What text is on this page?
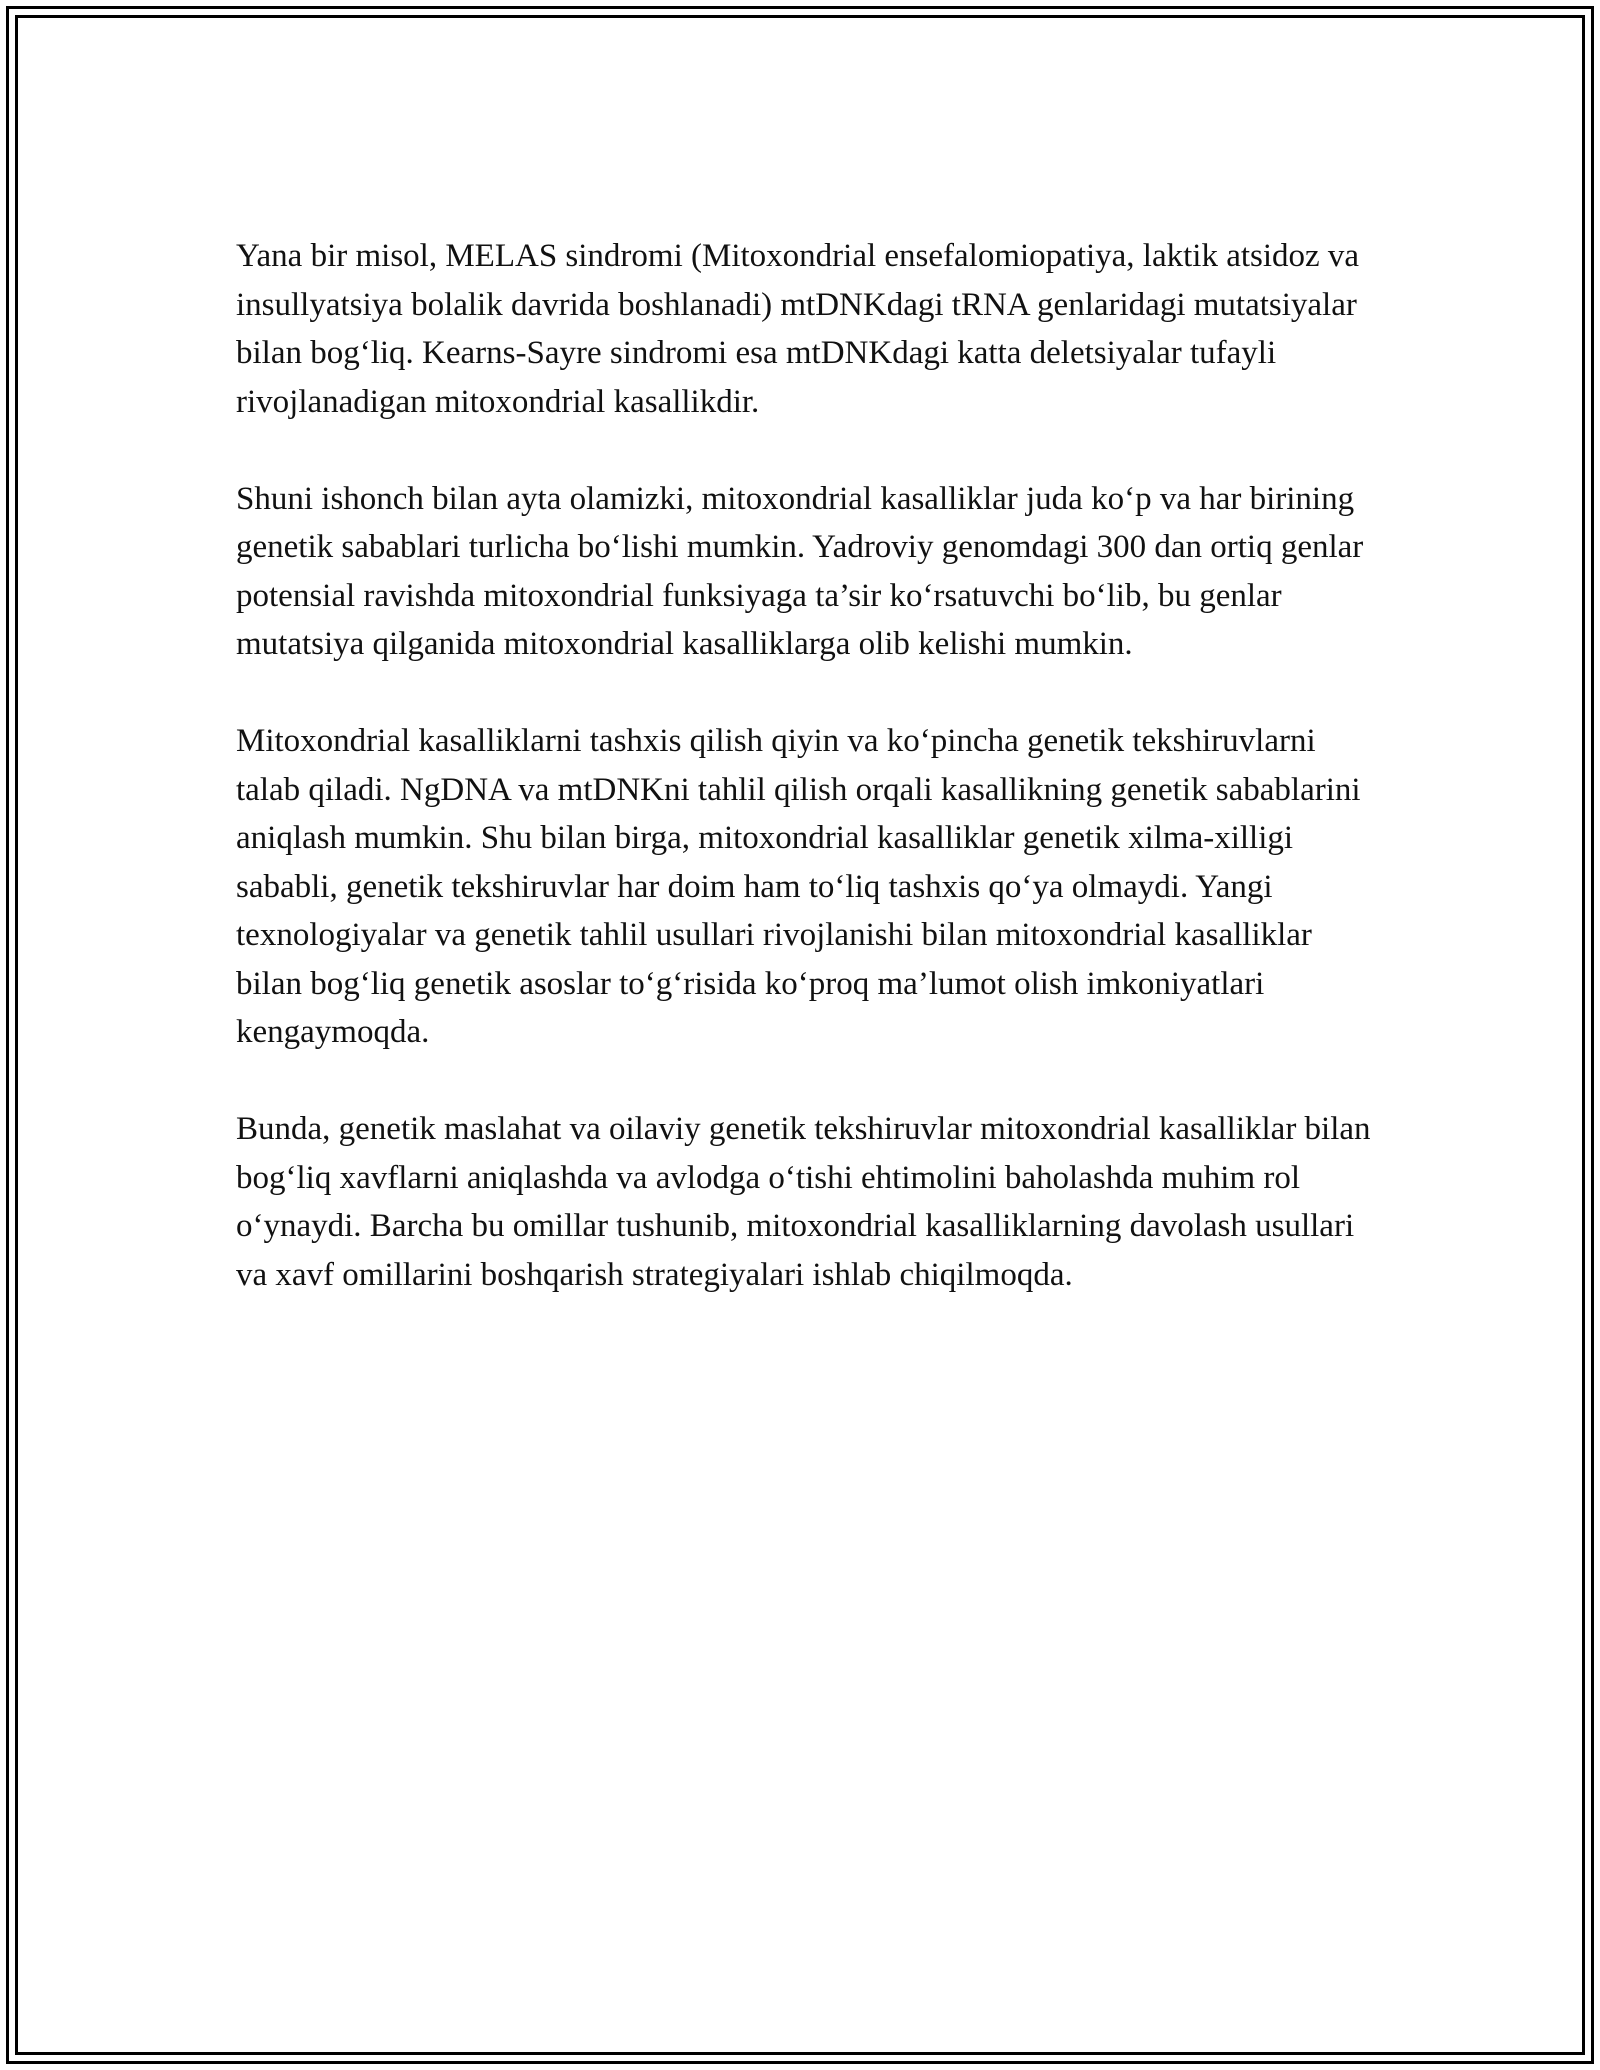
Yana bir misol, MELAS sindromi (Mitoxondrial ensefalomiopatiya, laktik atsidoz va insullyatsiya bolalik davrida boshlanadi) mtDNKdagi tRNA genlaridagi mutatsiyalar bilan bog‘liq. Kearns-Sayre sindromi esa mtDNKdagi katta deletsiyalar tufayli rivojlanadigan mitoxondrial kasallikdir.

Shuni ishonch bilan ayta olamizki, mitoxondrial kasalliklar juda ko‘p va har birining genetik sabablari turlicha bo‘lishi mumkin. Yadroviy genomdagi 300 dan ortiq genlar potensial ravishda mitoxondrial funksiyaga ta’sir ko‘rsatuvchi bo‘lib, bu genlar mutatsiya qilganida mitoxondrial kasalliklarga olib kelishi mumkin.

Mitoxondrial kasalliklarni tashxis qilish qiyin va ko‘pincha genetik tekshiruvlarni talab qiladi. NgDNA va mtDNKni tahlil qilish orqali kasallikning genetik sabablarini aniqlash mumkin. Shu bilan birga, mitoxondrial kasalliklar genetik xilma-xilligi sababli, genetik tekshiruvlar har doim ham to‘liq tashxis qo‘ya olmaydi. Yangi texnologiyalar va genetik tahlil usullari rivojlanishi bilan mitoxondrial kasalliklar bilan bog‘liq genetik asoslar to‘g‘risida ko‘proq ma’lumot olish imkoniyatlari kengaymoqda.

Bunda, genetik maslahat va oilaviy genetik tekshiruvlar mitoxondrial kasalliklar bilan bog‘liq xavflarni aniqlashda va avlodga o‘tishi ehtimolini baholashda muhim rol o‘ynaydi. Barcha bu omillar tushunib, mitoxondrial kasalliklarning davolash usullari va xavf omillarini boshqarish strategiyalari ishlab chiqilmoqda.
